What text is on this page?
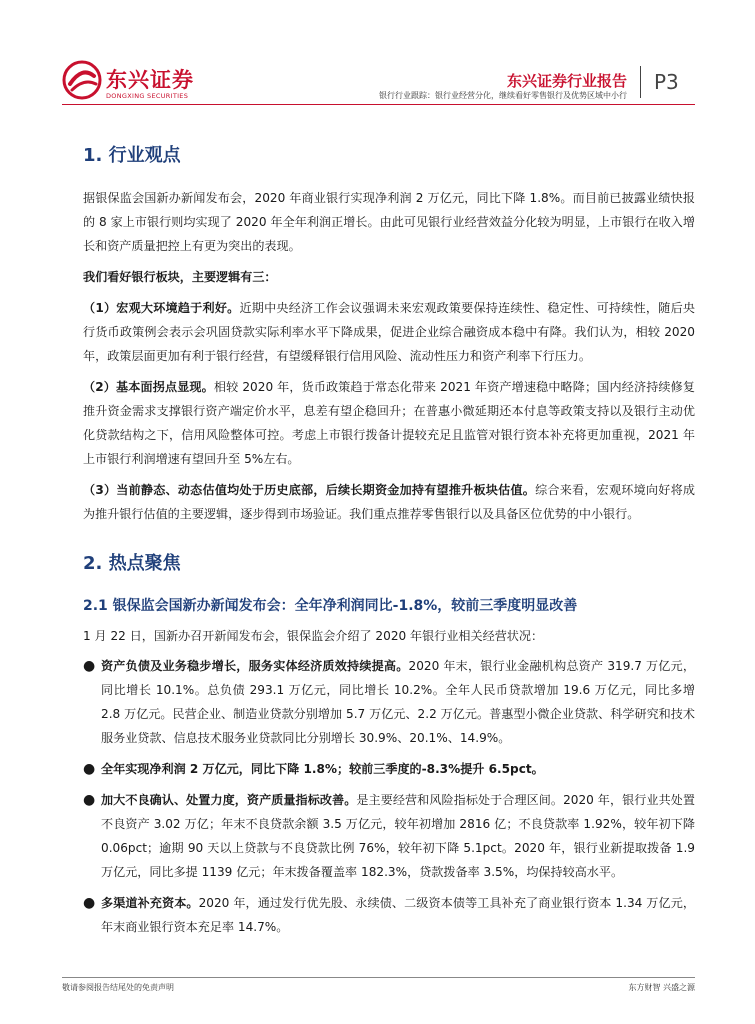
东兴证券
DONGXING SECURITIES
东兴证券行业报告
银行行业跟踪：银行业经营分化，继续看好零售银行及优势区域中小行
P3
1. 行业观点

据银保监会国新办新闻发布会，2020 年商业银行实现净利润 2 万亿元，同比下降 1.8%。而目前已披露业绩快报的 8 家上市银行则均实现了 2020 年全年利润正增长。由此可见银行业经营效益分化较为明显，上市银行在收入增长和资产质量把控上有更为突出的表现。

我们看好银行板块，主要逻辑有三：

（1）宏观大环境趋于利好。近期中央经济工作会议强调未来宏观政策要保持连续性、稳定性、可持续性，随后央行货币政策例会表示会巩固贷款实际利率水平下降成果，促进企业综合融资成本稳中有降。我们认为，相较 2020 年，政策层面更加有利于银行经营，有望缓释银行信用风险、流动性压力和资产利率下行压力。

（2）基本面拐点显现。相较 2020 年，货币政策趋于常态化带来 2021 年资产增速稳中略降；国内经济持续修复推升资金需求支撑银行资产端定价水平，息差有望企稳回升；在普惠小微延期还本付息等政策支持以及银行主动优化贷款结构之下，信用风险整体可控。考虑上市银行拨备计提较充足且监管对银行资本补充将更加重视，2021 年上市银行利润增速有望回升至 5%左右。

（3）当前静态、动态估值均处于历史底部，后续长期资金加持有望推升板块估值。综合来看，宏观环境向好将成为推升银行估值的主要逻辑，逐步得到市场验证。我们重点推荐零售银行以及具备区位优势的中小银行。

2. 热点聚焦
2.1 银保监会国新办新闻发布会：全年净利润同比-1.8%，较前三季度明显改善

1 月 22 日，国新办召开新闻发布会，银保监会介绍了 2020 年银行业相关经营状况：

● 资产负债及业务稳步增长，服务实体经济质效持续提高。2020 年末，银行业金融机构总资产 319.7 万亿元，同比增长 10.1%。总负债 293.1 万亿元，同比增长 10.2%。全年人民币贷款增加 19.6 万亿元，同比多增 2.8 万亿元。民营企业、制造业贷款分别增加 5.7 万亿元、2.2 万亿元。普惠型小微企业贷款、科学研究和技术服务业贷款、信息技术服务业贷款同比分别增长 30.9%、20.1%、14.9%。
● 全年实现净利润 2 万亿元，同比下降 1.8%；较前三季度的-8.3%提升 6.5pct。
● 加大不良确认、处置力度，资产质量指标改善。是主要经营和风险指标处于合理区间。2020 年，银行业共处置不良资产 3.02 万亿；年末不良贷款余额 3.5 万亿元，较年初增加 2816 亿；不良贷款率 1.92%，较年初下降 0.06pct；逾期 90 天以上贷款与不良贷款比例 76%，较年初下降 5.1pct。2020 年，银行业新提取拨备 1.9 万亿元，同比多提 1139 亿元；年末拨备覆盖率 182.3%，贷款拨备率 3.5%，均保持较高水平。
● 多渠道补充资本。2020 年，通过发行优先股、永续债、二级资本债等工具补充了商业银行资本 1.34 万亿元，年末商业银行资本充足率 14.7%。
敬请参阅报告结尾处的免责声明	东方财智 兴盛之源
